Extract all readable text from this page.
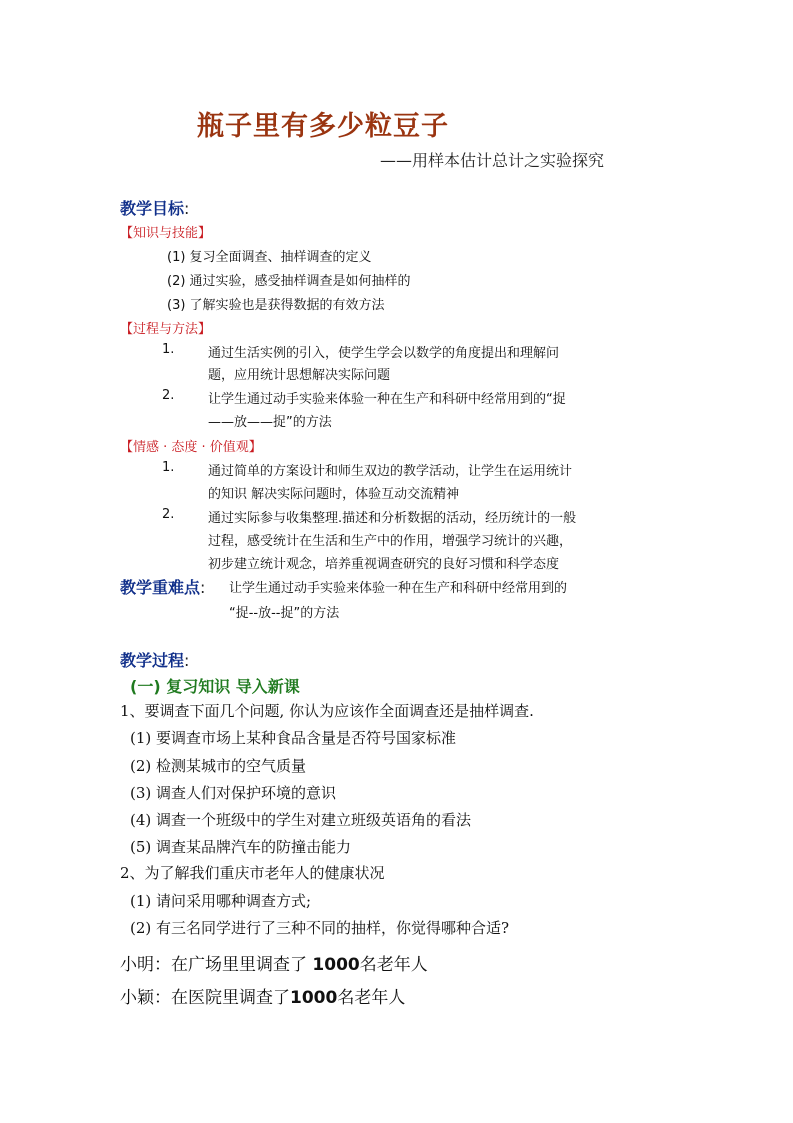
瓶子里有多少粒豆子
——用样本估计总计之实验探究
教学目标:
【知识与技能】
(1) 复习全面调查、抽样调查的定义
(2) 通过实验，感受抽样调查是如何抽样的
(3) 了解实验也是获得数据的有效方法
【过程与方法】
1.	通过生活实例的引入，使学生学会以数学的角度提出和理解问
题，应用统计思想解决实际问题
2.	让学生通过动手实验来体验一种在生产和科研中经常用到的“捉
——放——捉”的方法
【情感 · 态度 · 价值观】
1.	通过简单的方案设计和师生双边的教学活动，让学生在运用统计
的知识 解决实际问题时，体验互动交流精神
2.	通过实际参与收集整理.描述和分析数据的活动，经历统计的一般
过程，感受统计在生活和生产中的作用，增强学习统计的兴趣，
初步建立统计观念，培养重视调查研究的良好习惯和科学态度
教学重难点: 让学生通过动手实验来体验一种在生产和科研中经常用到的
“捉--放--捉”的方法
教学过程:
(一) 复习知识 导入新课
1、要调查下面几个问题, 你认为应该作全面调查还是抽样调查.
(1) 要调查市场上某种食品含量是否符号国家标准
(2) 检测某城市的空气质量
(3) 调查人们对保护环境的意识
(4) 调查一个班级中的学生对建立班级英语角的看法
(5) 调查某品牌汽车的防撞击能力
2、为了解我们重庆市老年人的健康状况
(1) 请问采用哪种调查方式;
(2) 有三名同学进行了三种不同的抽样，你觉得哪种合适?
小明：在广场里里调查了 1000名老年人
小颖：在医院里调查了1000名老年人
